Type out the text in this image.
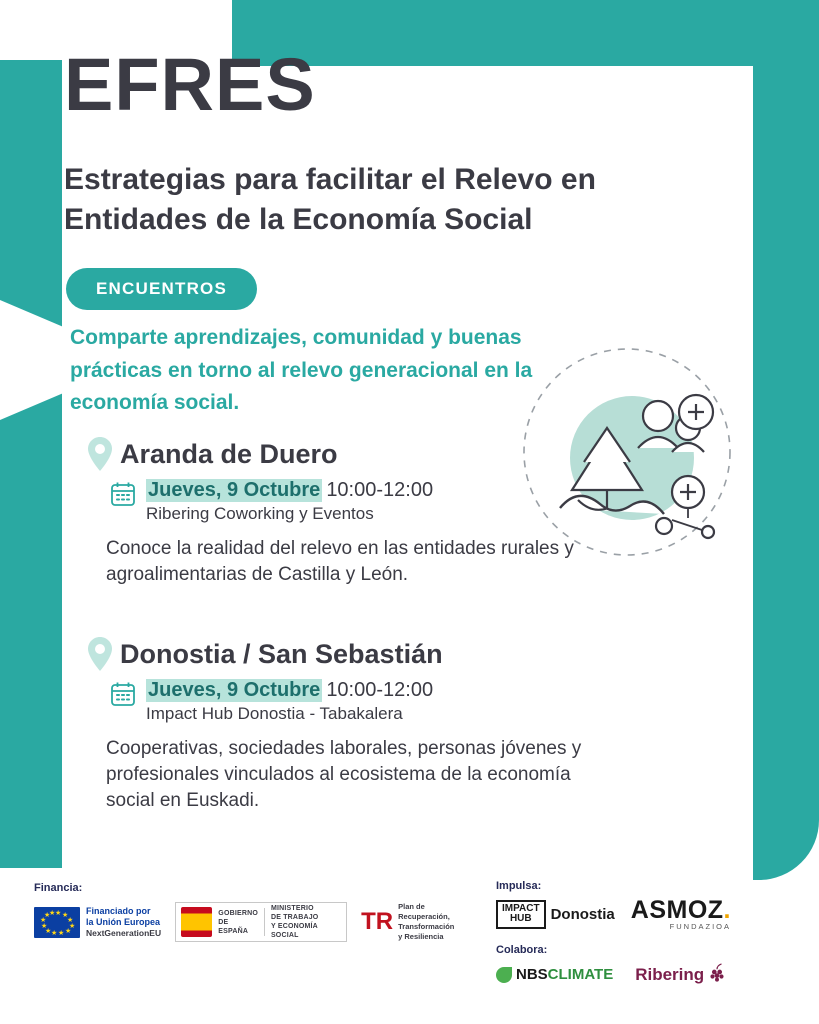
EFRES
Estrategias para facilitar el Relevo en Entidades de la Economía Social
ENCUENTROS
Comparte aprendizajes, comunidad y buenas prácticas en torno al relevo generacional en la economía social.
Aranda de Duero
Jueves, 9 Octubre 10:00-12:00
Ribering Coworking y Eventos
Conoce la realidad del relevo en las entidades rurales y agroalimentarias de Castilla y León.
Donostia / San Sebastián
Jueves, 9 Octubre 10:00-12:00
Impact Hub Donostia - Tabakalera
Cooperativas, sociedades laborales, personas jóvenes y profesionales vinculados al ecosistema de la economía social en Euskadi.
Financia:
★ ★
★
★
★
★
★
★
★
★
★
★	Financiado por
la Unión Europea
NextGenerationEU
GOBIERNO
DE ESPAÑA
MINISTERIO
DE TRABAJO
Y ECONOMÍA SOCIAL
TR
Plan de
Recuperación,
Transformación
y Resiliencia
Impulsa:
IMPACT
HUB	Donostia ASMOZ.
FUNDAZIOA
Colabora:
NBSCLIMATE Ribering
